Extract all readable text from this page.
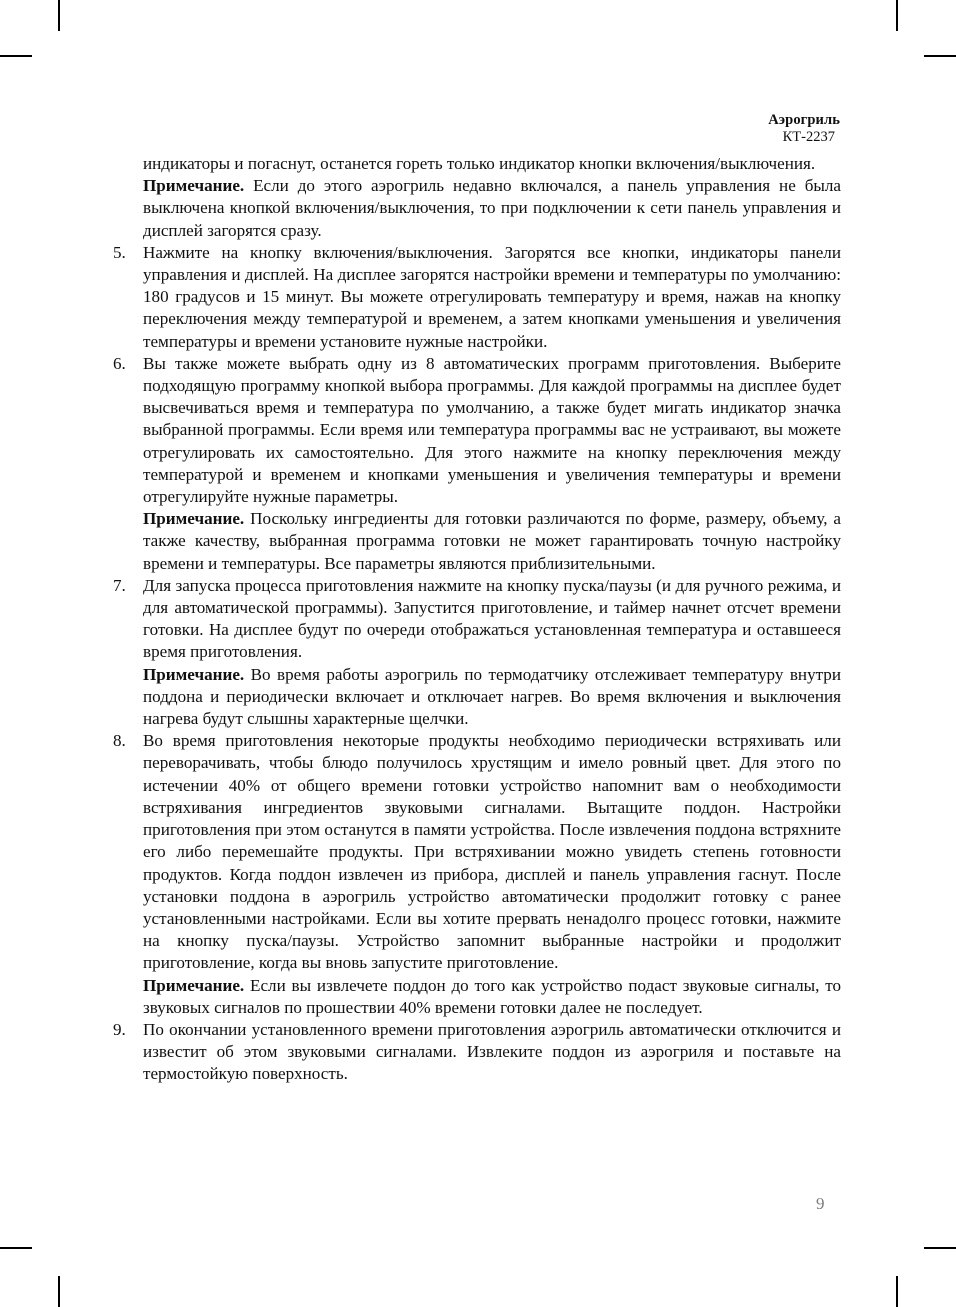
Аэрогриль
КТ-2237

индикаторы и погаснут, останется гореть только индикатор кнопки включения/выключения.

Примечание. Если до этого аэрогриль недавно включался, а панель управления не была выключена кнопкой включения/выключения, то при подключении к сети панель управления и дисплей загорятся сразу.

5.	Нажмите на кнопку включения/выключения. Загорятся все кнопки, индикаторы панели управления и дисплей. На дисплее загорятся настройки времени и температуры по умолчанию: 180 градусов и 15 минут. Вы можете отрегулировать температуру и время, нажав на кнопку переключения между температурой и временем, а затем кнопками уменьшения и увеличения температуры и времени установите нужные настройки.
6.	Вы также можете выбрать одну из 8 автоматических программ приготовления. Выберите подходящую программу кнопкой выбора программы. Для каждой программы на дисплее будет высвечиваться время и температура по умолчанию, а также будет мигать индикатор значка выбранной программы. Если время или температура программы вас не устраивают, вы можете отрегулировать их самостоятельно. Для этого нажмите на кнопку переключения между температурой и временем и кнопками уменьшения и увеличения температуры и времени отрегулируйте нужные параметры.

Примечание. Поскольку ингредиенты для готовки различаются по форме, размеру, объему, а также качеству, выбранная программа готовки не может гарантировать точную настройку времени и температуры. Все параметры являются приблизительными.

7.	Для запуска процесса приготовления нажмите на кнопку пуска/паузы (и для ручного режима, и для автоматической программы). Запустится приготовление, и таймер начнет отсчет времени готовки. На дисплее будут по очереди отображаться установленная температура и оставшееся время приготовления.

Примечание. Во время работы аэрогриль по термодатчику отслеживает температуру внутри поддона и периодически включает и отключает нагрев. Во время включения и выключения нагрева будут слышны характерные щелчки.

8.	Во время приготовления некоторые продукты необходимо периодически встряхивать или переворачивать, чтобы блюдо получилось хрустящим и имело ровный цвет. Для этого по истечении 40% от общего времени готовки устройство напомнит вам о необходимости встряхивания ингредиентов звуковыми сигналами. Вытащите поддон. Настройки приготовления при этом останутся в памяти устройства. После извлечения поддона встряхните его либо перемешайте продукты. При встряхивании можно увидеть степень готовности продуктов. Когда поддон извлечен из прибора, дисплей и панель управления гаснут. После установки поддона в аэрогриль устройство автоматически продолжит готовку с ранее установленными настройками. Если вы хотите прервать ненадолго процесс готовки, нажмите на кнопку пуска/паузы. Устройство запомнит выбранные настройки и продолжит приготовление, когда вы вновь запустите приготовление.

Примечание. Если вы извлечете поддон до того как устройство подаст звуковые сигналы, то звуковых сигналов по прошествии 40% времени готовки далее не последует.

9.	По окончании установленного времени приготовления аэрогриль автоматически отключится и известит об этом звуковыми сигналами. Извлеките поддон из аэрогриля и поставьте на термостойкую поверхность.
9
